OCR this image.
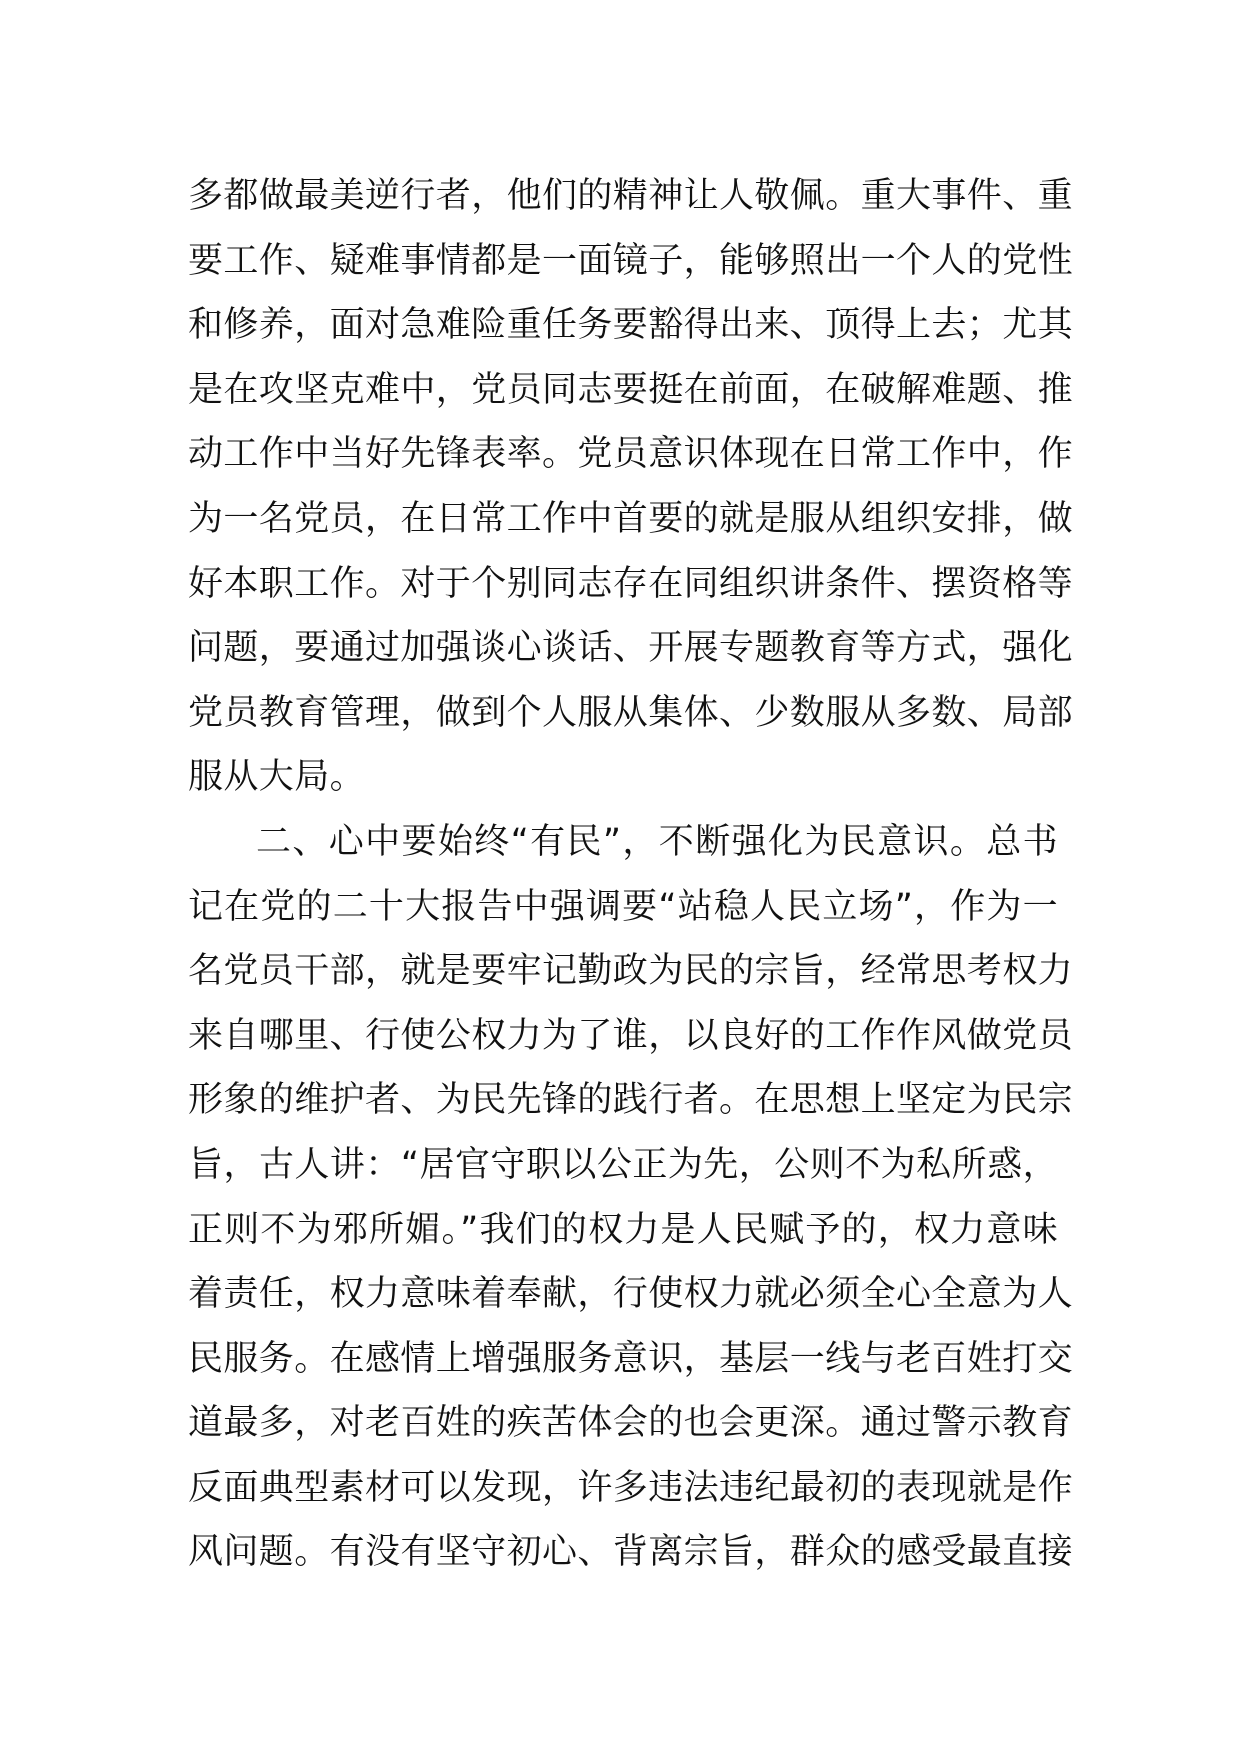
多都做最美逆行者，他们的精神让人敬佩。重大事件、重
要工作、疑难事情都是一面镜子，能够照出一个人的党性
和修养，面对急难险重任务要豁得出来、顶得上去；尤其
是在攻坚克难中，党员同志要挺在前面，在破解难题、推
动工作中当好先锋表率。党员意识体现在日常工作中，作
为一名党员，在日常工作中首要的就是服从组织安排，做
好本职工作。对于个别同志存在同组织讲条件、摆资格等
问题，要通过加强谈心谈话、开展专题教育等方式，强化
党员教育管理，做到个人服从集体、少数服从多数、局部
服从大局。
二、心中要始终“有民”，不断强化为民意识。总书
记在党的二十大报告中强调要“站稳人民立场”，作为一
名党员干部，就是要牢记勤政为民的宗旨，经常思考权力
来自哪里、行使公权力为了谁，以良好的工作作风做党员
形象的维护者、为民先锋的践行者。在思想上坚定为民宗
旨，古人讲：“居官守职以公正为先，公则不为私所惑，
正则不为邪所媚。”我们的权力是人民赋予的，权力意味
着责任，权力意味着奉献，行使权力就必须全心全意为人
民服务。在感情上增强服务意识，基层一线与老百姓打交
道最多，对老百姓的疾苦体会的也会更深。通过警示教育
反面典型素材可以发现，许多违法违纪最初的表现就是作
风问题。有没有坚守初心、背离宗旨，群众的感受最直接
